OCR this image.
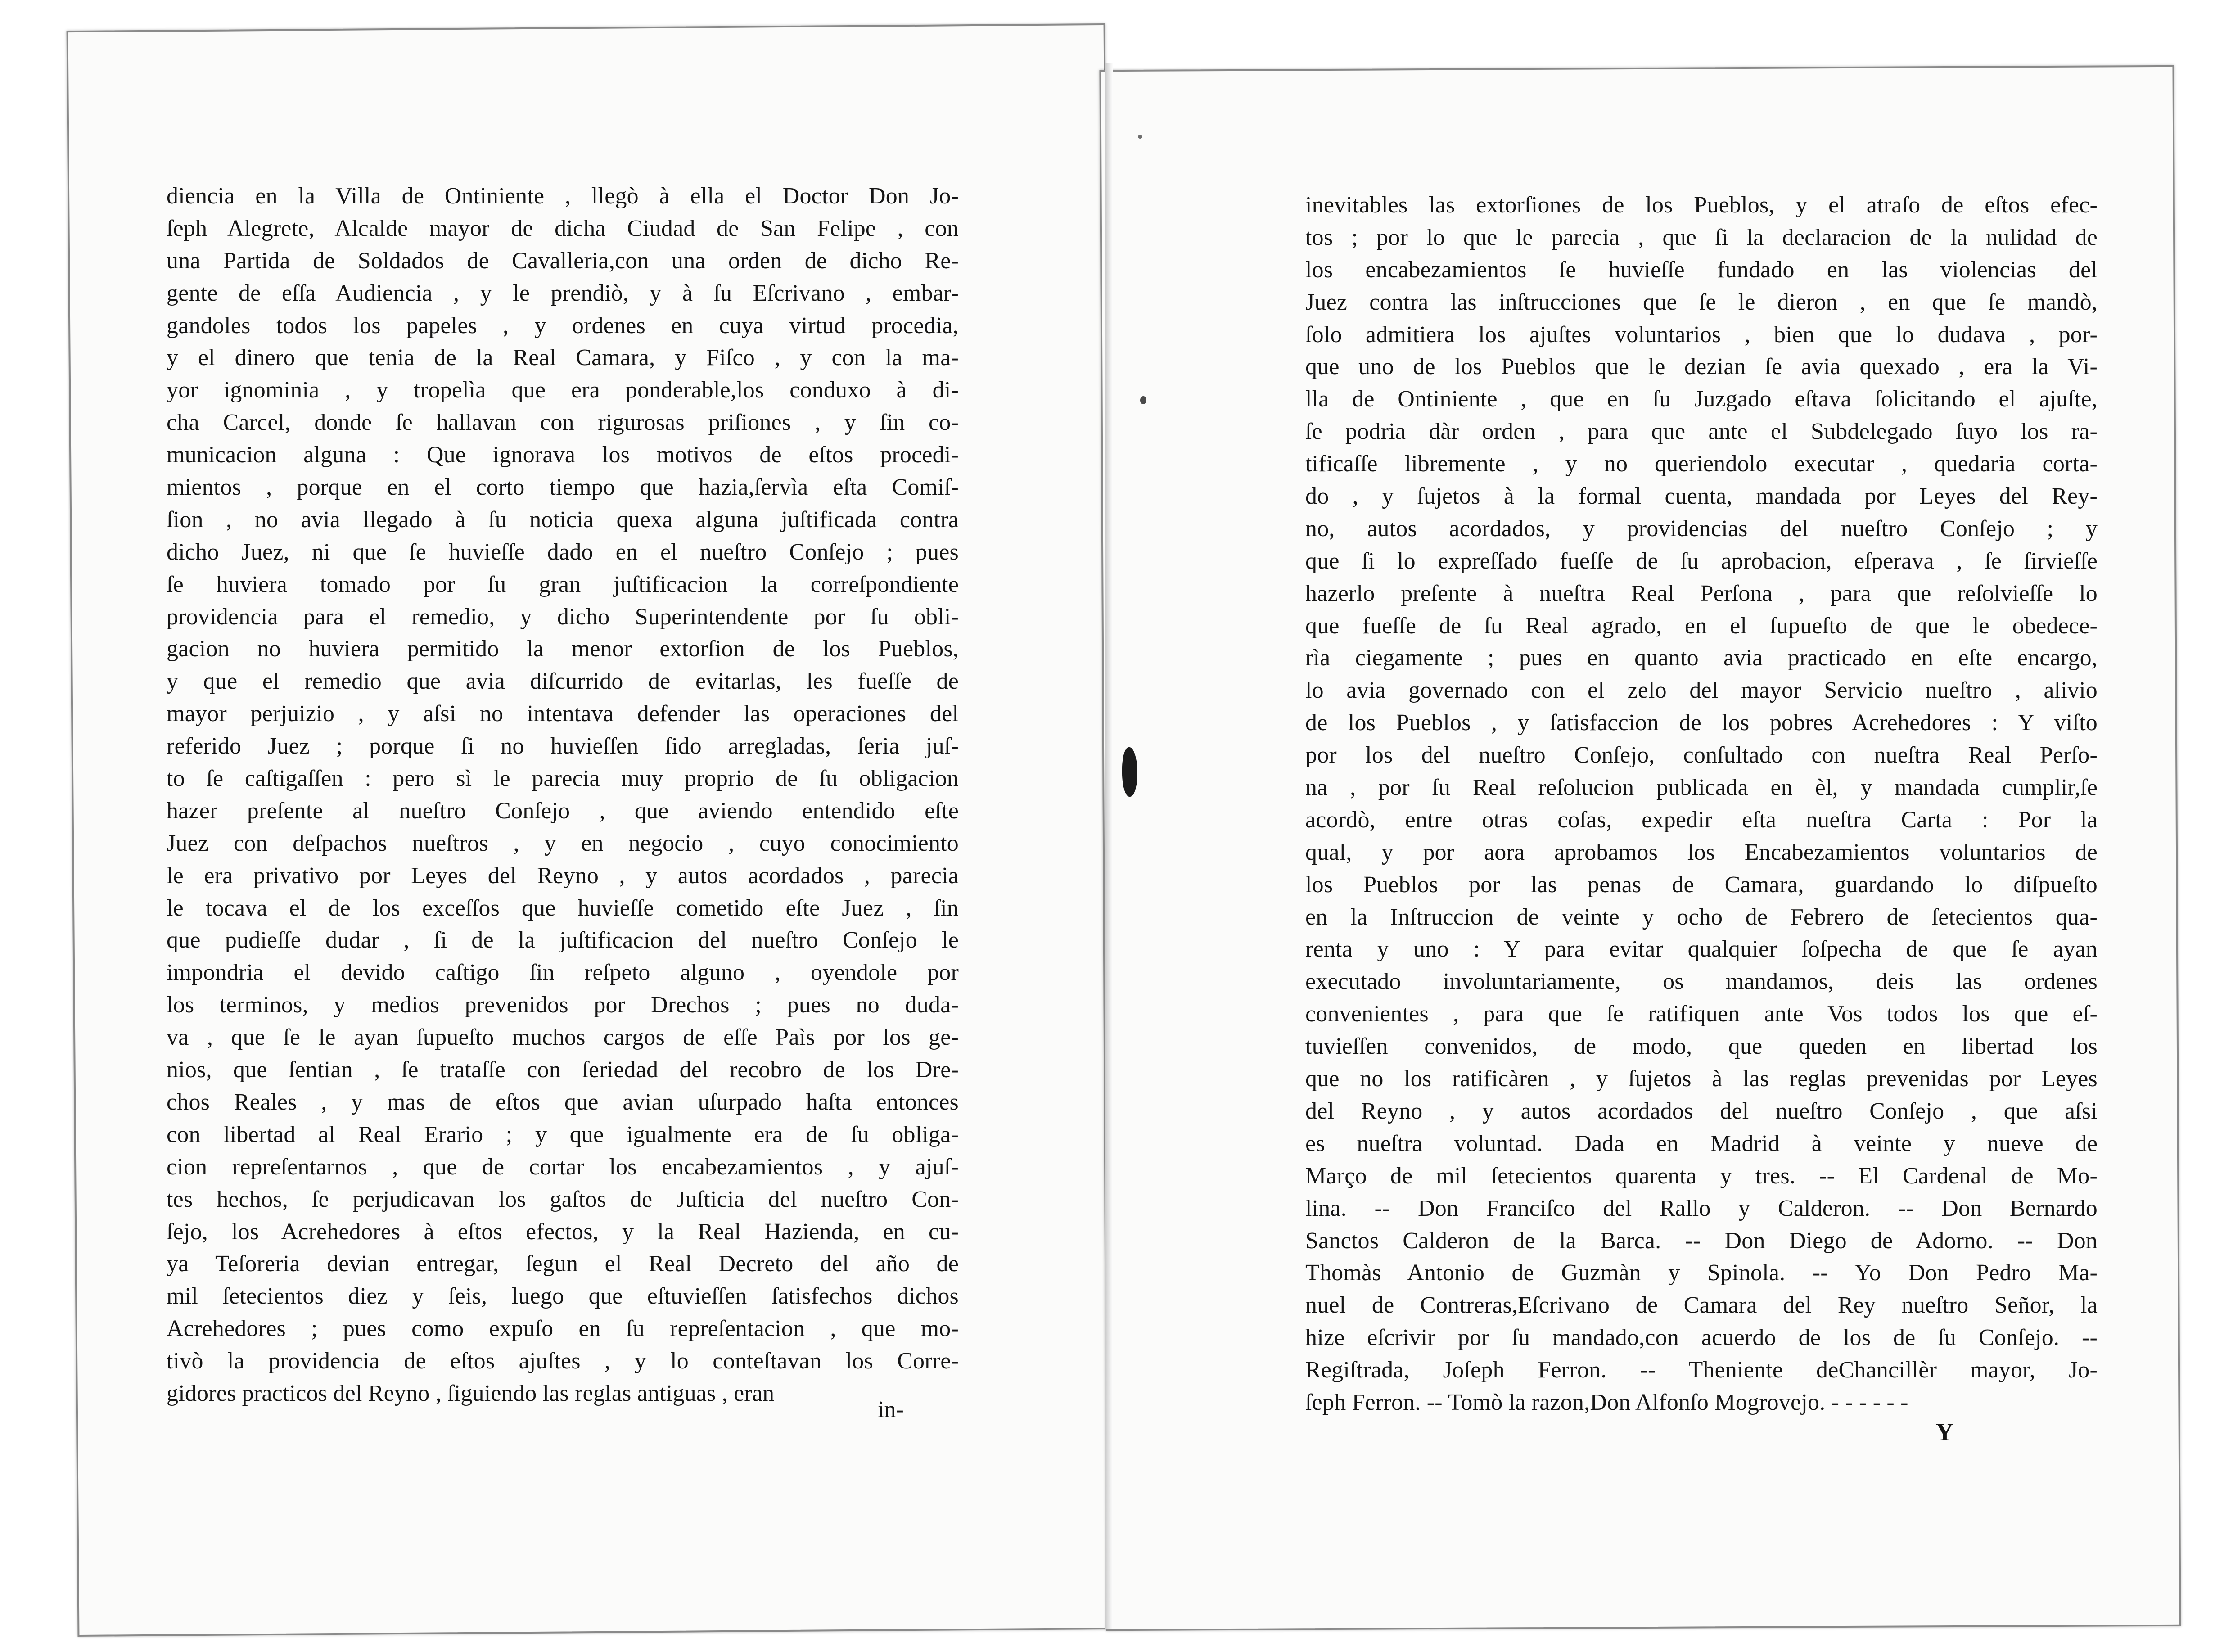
diencia en la Villa de Ontiniente , llegò à ella el Doctor Don Jo-
ſeph Alegrete, Alcalde mayor de dicha Ciudad de San Felipe , con
una Partida de Soldados de Cavalleria,con una orden de dicho Re-
gente de eſſa Audiencia , y le prendiò, y à ſu Eſcrivano , embar-
gandoles todos los papeles , y ordenes en cuya virtud procedia,
y el dinero que tenia de la Real Camara, y Fiſco , y con la ma-
yor ignominia , y tropelìa que era ponderable,los conduxo à di-
cha Carcel, donde ſe hallavan con rigurosas priſiones , y ſin co-
municacion alguna : Que ignorava los motivos de eſtos procedi-
mientos , porque en el corto tiempo que hazia,ſervìa eſta Comiſ-
ſion , no avia llegado à ſu noticia quexa alguna juſtificada contra
dicho Juez, ni que ſe huvieſſe dado en el nueſtro Conſejo ; pues
ſe huviera tomado por ſu gran juſtificacion la correſpondiente
providencia para el remedio, y dicho Superintendente por ſu obli-
gacion no huviera permitido la menor extorſion de los Pueblos,
y que el remedio que avia diſcurrido de evitarlas, les fueſſe de
mayor perjuizio , y aſsi no intentava defender las operaciones del
referido Juez ; porque ſi no huvieſſen ſido arregladas, ſeria juſ-
to ſe caſtigaſſen : pero sì le parecia muy proprio de ſu obligacion
hazer preſente al nueſtro Conſejo , que aviendo entendido eſte
Juez con deſpachos nueſtros , y en negocio , cuyo conocimiento
le era privativo por Leyes del Reyno , y autos acordados , parecia
le tocava el de los exceſſos que huvieſſe cometido eſte Juez , ſin
que pudieſſe dudar , ſi de la juſtificacion del nueſtro Conſejo le
impondria el devido caſtigo ſin reſpeto alguno , oyendole por
los terminos, y medios prevenidos por Drechos ; pues no duda-
va , que ſe le ayan ſupueſto muchos cargos de eſſe Paìs por los ge-
nios, que ſentian , ſe trataſſe con ſeriedad del recobro de los Dre-
chos Reales , y mas de eſtos que avian uſurpado haſta entonces
con libertad al Real Erario ; y que igualmente era de ſu obliga-
cion repreſentarnos , que de cortar los encabezamientos , y ajuſ-
tes hechos, ſe perjudicavan los gaſtos de Juſticia del nueſtro Con-
ſejo, los Acrehedores à eſtos efectos, y la Real Hazienda, en cu-
ya Teſoreria devian entregar, ſegun el Real Decreto del año de
mil ſetecientos diez y ſeis, luego que eſtuvieſſen ſatisfechos dichos
Acrehedores ; pues como expuſo en ſu repreſentacion , que mo-
tivò la providencia de eſtos ajuſtes , y lo conteſtavan los Corre-
gidores practicos del Reyno , ſiguiendo las reglas antiguas , eran
in-
inevitables las extorſiones de los Pueblos, y el atraſo de eſtos efec-
tos ; por lo que le parecia , que ſi la declaracion de la nulidad de
los encabezamientos ſe huvieſſe fundado en las violencias del
Juez contra las inſtrucciones que ſe le dieron , en que ſe mandò,
ſolo admitiera los ajuſtes voluntarios , bien que lo dudava , por-
que uno de los Pueblos que le dezian ſe avia quexado , era la Vi-
lla de Ontiniente , que en ſu Juzgado eſtava ſolicitando el ajuſte,
ſe podria dàr orden , para que ante el Subdelegado ſuyo los ra-
tificaſſe libremente , y no queriendolo executar , quedaria corta-
do , y ſujetos à la formal cuenta, mandada por Leyes del Rey-
no, autos acordados, y providencias del nueſtro Conſejo ; y
que ſi lo expreſſado fueſſe de ſu aprobacion, eſperava , ſe ſirvieſſe
hazerlo preſente à nueſtra Real Perſona , para que reſolvieſſe lo
que fueſſe de ſu Real agrado, en el ſupueſto de que le obedece-
rìa ciegamente ; pues en quanto avia practicado en eſte encargo,
lo avia governado con el zelo del mayor Servicio nueſtro , alivio
de los Pueblos , y ſatisfaccion de los pobres Acrehedores : Y viſto
por los del nueſtro Conſejo, conſultado con nueſtra Real Perſo-
na , por ſu Real reſolucion publicada en èl, y mandada cumplir,ſe
acordò, entre otras coſas, expedir eſta nueſtra Carta : Por la
qual, y por aora aprobamos los Encabezamientos voluntarios de
los Pueblos por las penas de Camara, guardando lo diſpueſto
en la Inſtruccion de veinte y ocho de Febrero de ſetecientos qua-
renta y uno : Y para evitar qualquier ſoſpecha de que ſe ayan
executado involuntariamente, os mandamos, deis las ordenes
convenientes , para que ſe ratifiquen ante Vos todos los que eſ-
tuvieſſen convenidos, de modo, que queden en libertad los
que no los ratificàren , y ſujetos à las reglas prevenidas por Leyes
del Reyno , y autos acordados del nueſtro Conſejo , que aſsi
es nueſtra voluntad. Dada en Madrid à veinte y nueve de
Março de mil ſetecientos quarenta y tres. -- El Cardenal de Mo-
lina. -- Don Franciſco del Rallo y Calderon. -- Don Bernardo
Sanctos Calderon de la Barca. -- Don Diego de Adorno. -- Don
Thomàs Antonio de Guzmàn y Spinola. -- Yo Don Pedro Ma-
nuel de Contreras,Eſcrivano de Camara del Rey nueſtro Señor, la
hize eſcrivir por ſu mandado,con acuerdo de los de ſu Conſejo. --
Regiſtrada, Joſeph Ferron. -- Theniente deChancillèr mayor, Jo-
ſeph Ferron. -- Tomò la razon,Don Alfonſo Mogrovejo. - - - - - -
Y
